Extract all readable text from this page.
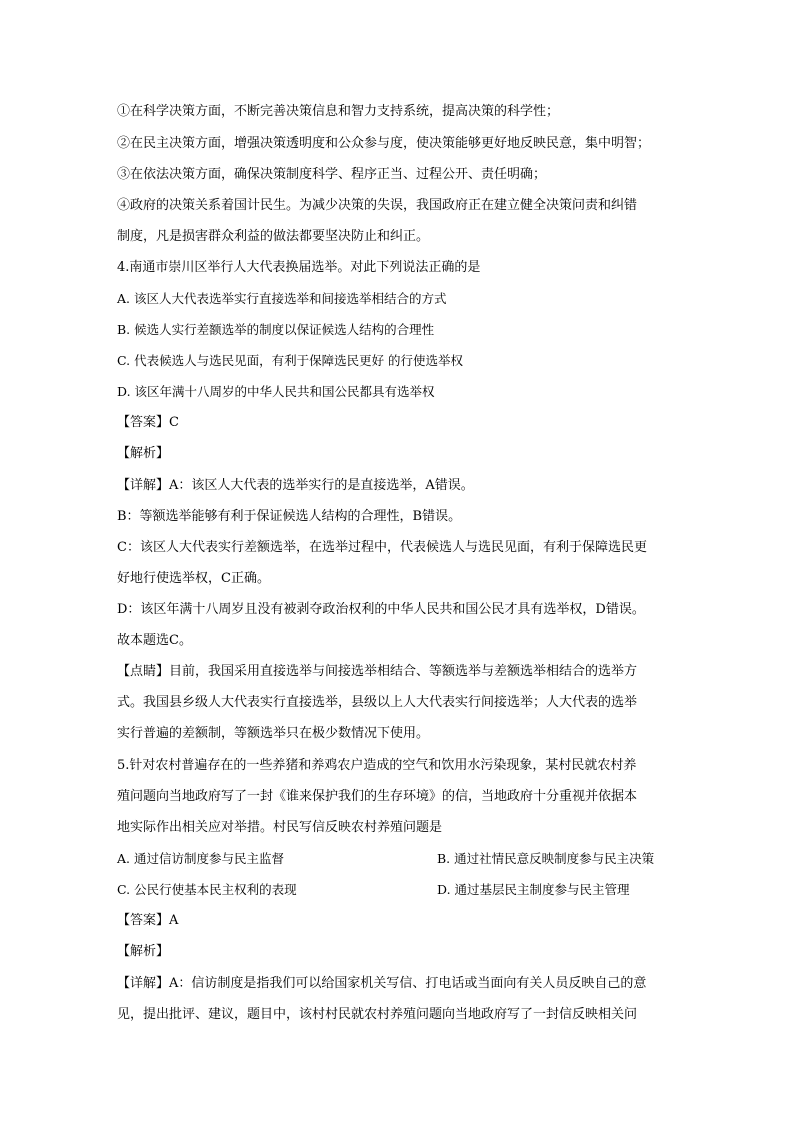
①在科学决策方面，不断完善决策信息和智力支持系统，提高决策的科学性；
②在民主决策方面，增强决策透明度和公众参与度，使决策能够更好地反映民意，集中明智；
③在依法决策方面，确保决策制度科学、程序正当、过程公开、责任明确；
④政府的决策关系着国计民生。为减少决策的失误，我国政府正在建立健全决策问责和纠错
制度，凡是损害群众利益的做法都要坚决防止和纠正。
4.南通市崇川区举行人大代表换届选举。对此下列说法正确的是
A. 该区人大代表选举实行直接选举和间接选举相结合的方式
B. 候选人实行差额选举的制度以保证候选人结构的合理性
C. 代表候选人与选民见面，有利于保障选民更好 的行使选举权
D. 该区年满十八周岁的中华人民共和国公民都具有选举权
【答案】C
【解析】
【详解】A：该区人大代表的选举实行的是直接选举，A错误。
B：等额选举能够有利于保证候选人结构的合理性，B错误。
C：该区人大代表实行差额选举，在选举过程中，代表候选人与选民见面，有利于保障选民更
好地行使选举权，C正确。
D：该区年满十八周岁且没有被剥夺政治权利的中华人民共和国公民才具有选举权，D错误。
故本题选C。
【点睛】目前，我国采用直接选举与间接选举相结合、等额选举与差额选举相结合的选举方
式。我国县乡级人大代表实行直接选举，县级以上人大代表实行间接选举；人大代表的选举
实行普遍的差额制，等额选举只在极少数情况下使用。
5.针对农村普遍存在的一些养猪和养鸡农户造成的空气和饮用水污染现象，某村民就农村养
殖问题向当地政府写了一封《谁来保护我们的生存环境》的信，当地政府十分重视并依据本
地实际作出相关应对举措。村民写信反映农村养殖问题是
A. 通过信访制度参与民主监督	B. 通过社情民意反映制度参与民主决策
C. 公民行使基本民主权利的表现	D. 通过基层民主制度参与民主管理
【答案】A
【解析】
【详解】A：信访制度是指我们可以给国家机关写信、打电话或当面向有关人员反映自己的意
见，提出批评、建议，题目中，该村村民就农村养殖问题向当地政府写了一封信反映相关问
